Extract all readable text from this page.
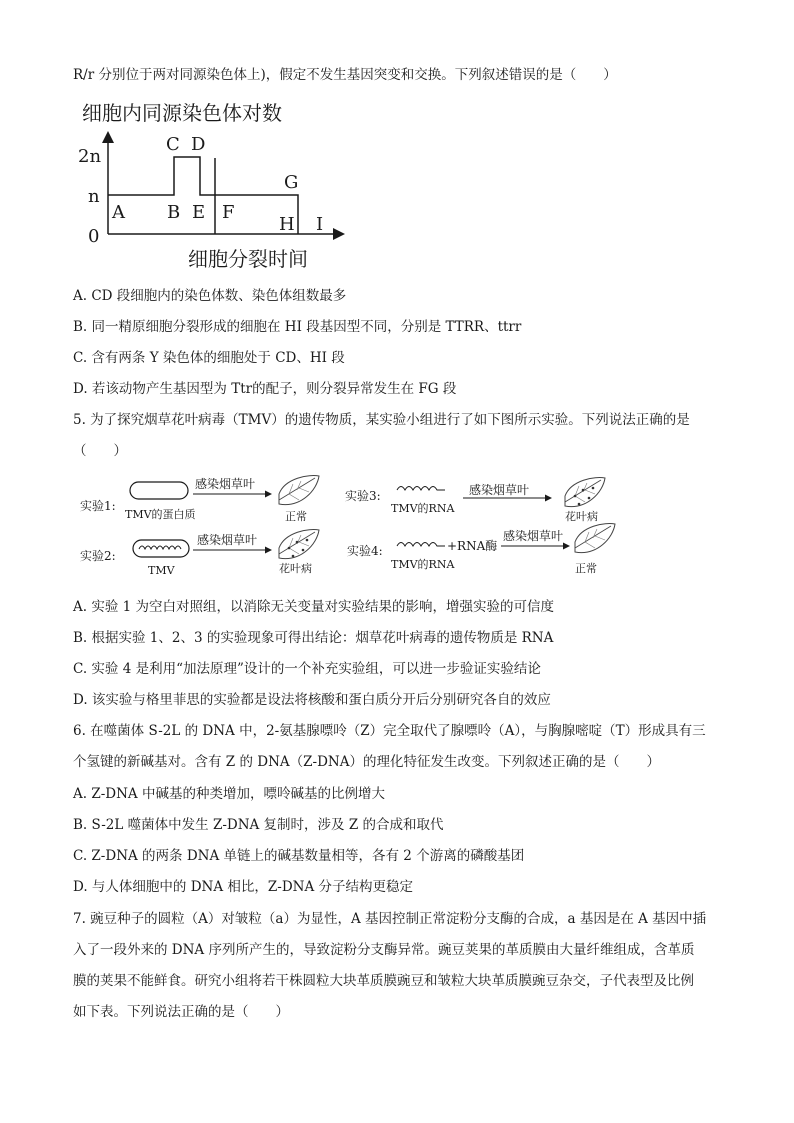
R/r 分别位于两对同源染色体上)，假定不发生基因突变和交换。下列叙述错误的是（　　）
细胞内同源染色体对数
2n
n
0
A B
C D
E F
G
H I
细胞分裂时间
A. CD 段细胞内的染色体数、染色体组数最多
B. 同一精原细胞分裂形成的细胞在 HI 段基因型不同，分别是 TTRR、ttrr
C. 含有两条 Y 染色体的细胞处于 CD、HI 段
D. 若该动物产生基因型为 Ttr的配子，则分裂异常发生在 FG 段
5. 为了探究烟草花叶病毒（TMV）的遗传物质，某实验小组进行了如下图所示实验。下列说法正确的是
（　　）
实验1:
TMV的蛋白质
感染烟草叶
正常
实验2:
TMV
感染烟草叶
花叶病
实验3:
TMV的RNA
感染烟草叶
花叶病
实验4:	+RNA酶
TMV的RNA
感染烟草叶
正常
A. 实验 1 为空白对照组，以消除无关变量对实验结果的影响，增强实验的可信度
B. 根据实验 1、2、3 的实验现象可得出结论：烟草花叶病毒的遗传物质是 RNA
C. 实验 4 是利用“加法原理”设计的一个补充实验组，可以进一步验证实验结论
D. 该实验与格里菲思的实验都是设法将核酸和蛋白质分开后分别研究各自的效应
6. 在噬菌体 S-2L 的 DNA 中，2-氨基腺嘌呤（Z）完全取代了腺嘌呤（A），与胸腺嘧啶（T）形成具有三
个氢键的新碱基对。含有 Z 的 DNA（Z-DNA）的理化特征发生改变。下列叙述正确的是（　　）
A. Z-DNA 中碱基的种类增加，嘌呤碱基的比例增大
B. S-2L 噬菌体中发生 Z-DNA 复制时，涉及 Z 的合成和取代
C. Z-DNA 的两条 DNA 单链上的碱基数量相等，各有 2 个游离的磷酸基团
D. 与人体细胞中的 DNA 相比，Z-DNA 分子结构更稳定
7. 豌豆种子的圆粒（A）对皱粒（a）为显性，A 基因控制正常淀粉分支酶的合成，a 基因是在 A 基因中插
入了一段外来的 DNA 序列所产生的，导致淀粉分支酶异常。豌豆荚果的革质膜由大量纤维组成，含革质
膜的荚果不能鲜食。研究小组将若干株圆粒大块革质膜豌豆和皱粒大块革质膜豌豆杂交，子代表型及比例
如下表。下列说法正确的是（　　）
